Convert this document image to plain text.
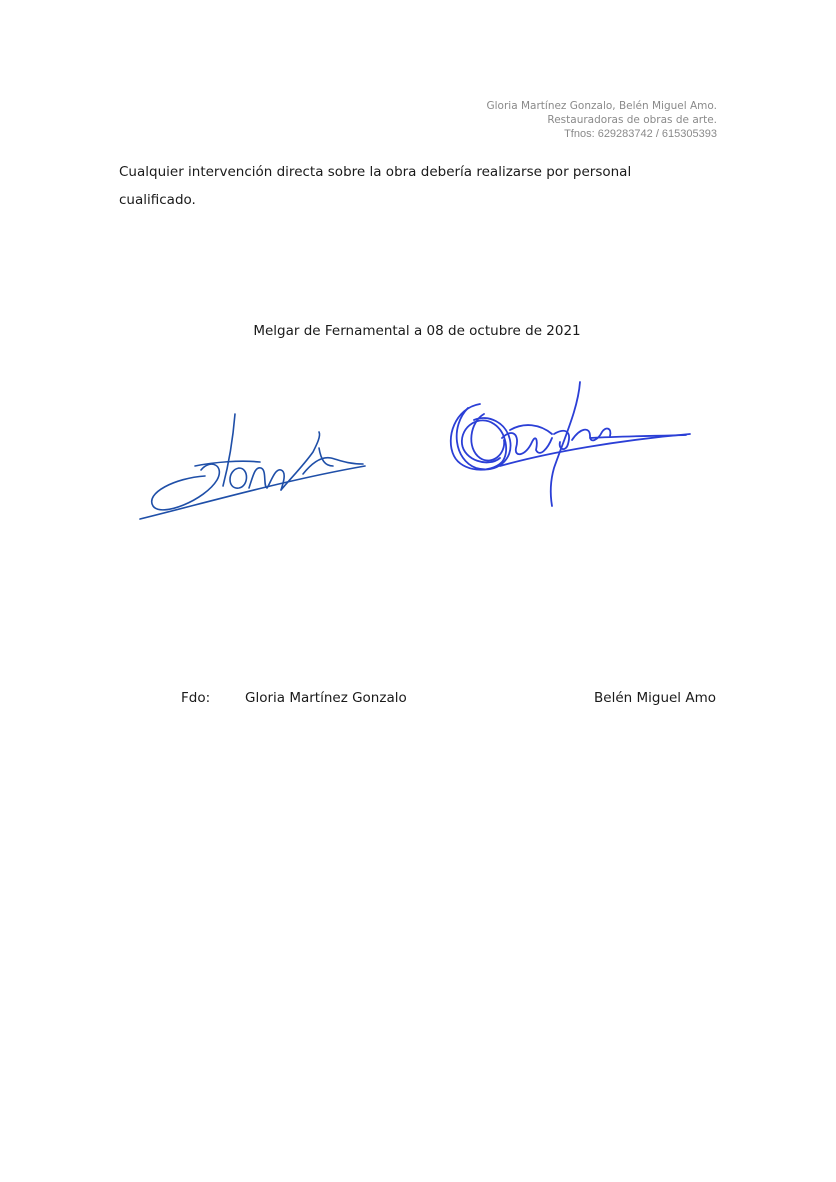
Gloria Martínez Gonzalo, Belén Miguel Amo.
Restauradoras de obras de arte.
Tfnos: 629283742 / 615305393
Cualquier intervención directa sobre la obra debería realizarse por personal
cualificado.
Melgar de Fernamental a 08 de octubre de 2021
Fdo:	Gloria Martínez Gonzalo	Belén Miguel Amo
